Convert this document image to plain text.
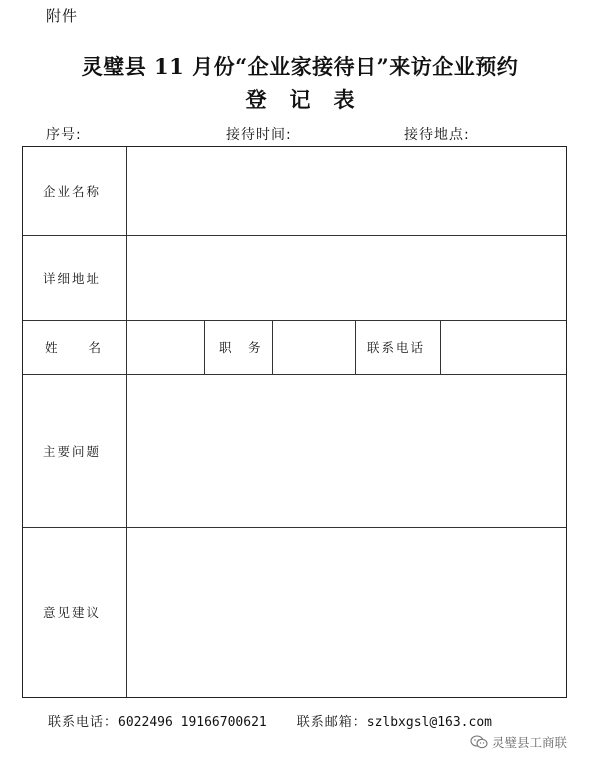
附件
灵璧县 11 月份“企业家接待日”来访企业预约
登记表
序号:	接待时间:	接待地点:
企业名称
详细地址
姓　　名	职　务	联系电话
主要问题
意见建议
联系电话：6022496 19166700621 联系邮箱：szlbxgsl@163.com
灵璧县工商联
